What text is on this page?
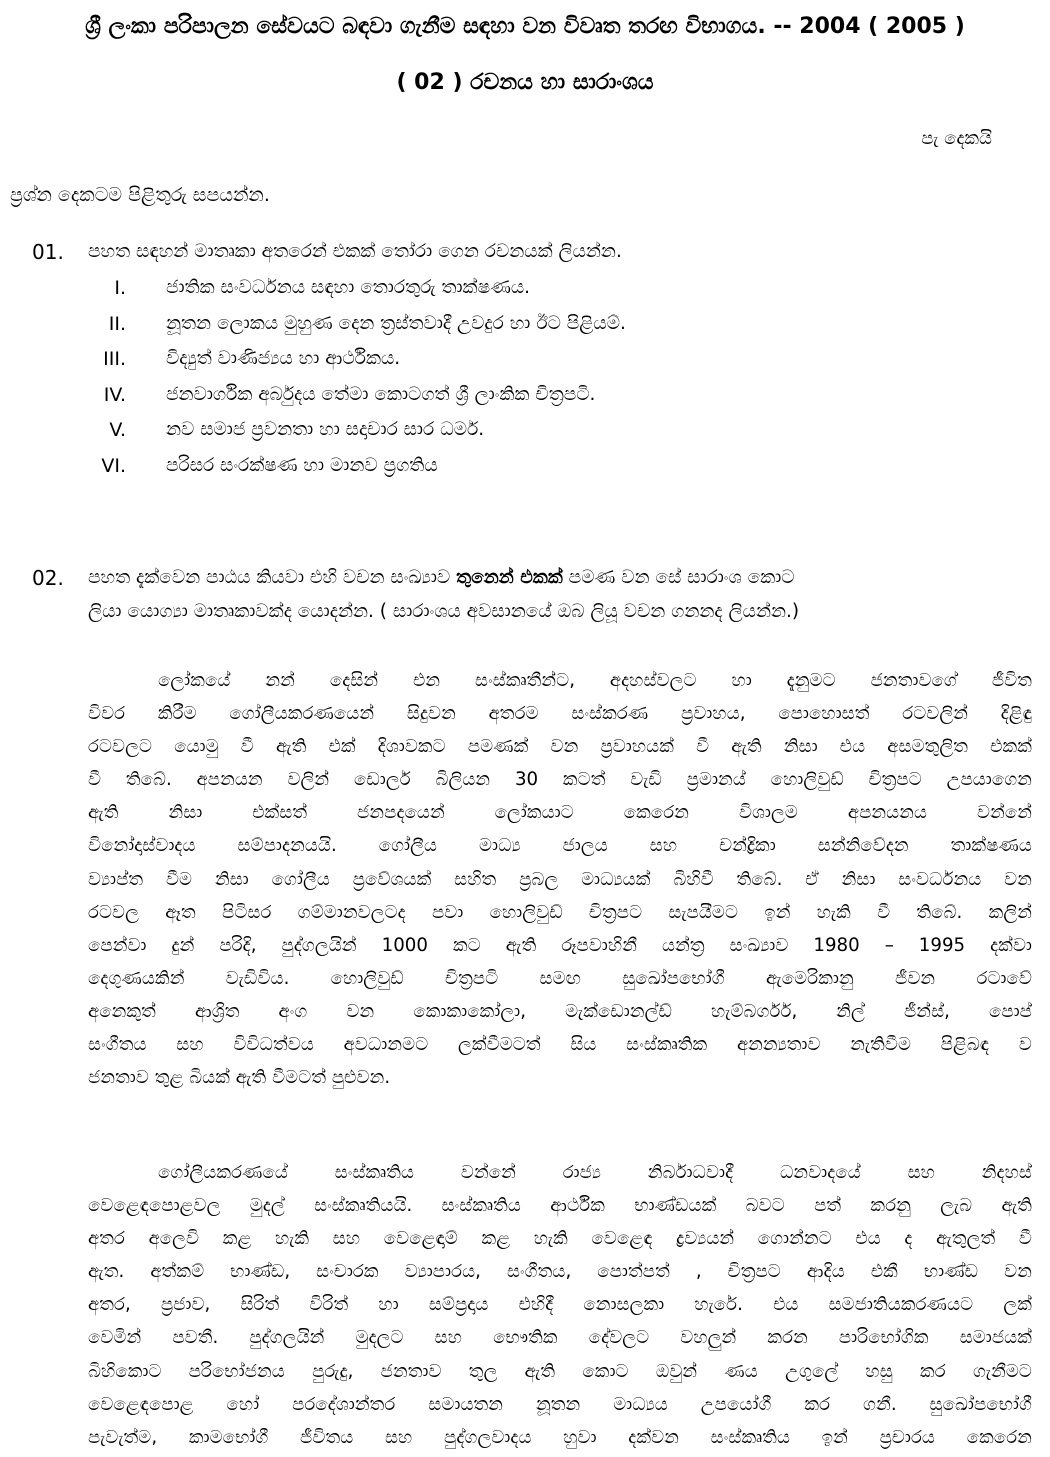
ශ්‍රී ලංකා පරිපාලන සේවයට බඳවා ගැනීම සඳහා වන විවෘත තරඟ විභාගය. -- 2004 ( 2005 )
( 02 ) රචනය හා සාරාංශය
පැ දෙකයි
ප්‍රශ්න දෙකටම පිළිතුරු සපයන්න.
01. පහත සඳහන් මාතෘකා අතරෙන් එකක් තෝරා ගෙන රචනයක් ලියන්න.
I. ජාතික සංවර්ධනය සඳහා තොරතුරු තාක්ෂණය.
II. නූතන ලොකය මුහුණ දෙන ත්‍රස්තවාදී උවදුර හා ඊට පිළියම්.
III. විද්‍යුත් වාණිජ්‍යය හා ආර්ථිකය.
IV. ජනවාර්ගික අර්බුදය තේමා කොටගත් ශ්‍රී ලාංකික චිත්‍රපටි.
V. නව සමාජ ප්‍රවනතා හා සදාචාර සාර ධර්ම.
VI. පරිසර සංරක්ෂණ හා මානව ප්‍රගතිය
02. පහත දැක්වෙන පාඨය කියවා එහි වචන සංඛ්‍යාව තුනෙන් එකක් පමණ වන සේ සාරාංශ කොට
ලියා යොග්‍යා මාතෘකාවක්ද යොදන්න. ( සාරාංශය අවසානයේ ඔබ ලියූ වචන ගනනද ලියන්න.)
ලෝකයේ නන් දෙසින් එන සංස්කෘතීන්ට, අදහස්වලට හා දැනුමට ජනතාවගේ ජීවිත
විවර කිරීම ගෝලීයකරණයෙන් සිදුවන අතරම සංස්කරණ ප්‍රවාහය, පොහොසත් රටවලින් දිළිඳු
රටවලට යොමු වී ඇති එක් දිශාවකට පමණක් වන ප්‍රවාහයක් වී ඇති නිසා එය අසමතුලිත එකක්
වී තිබේ. අපනයන වලින් ඩොලර් බිලියන 30 කටත් වැඩි ප්‍රමානය් හොලිවුඩ් චිත්‍රපට උපයාගෙන
ඇති නිසා එක්සත් ජනපදයෙන් ලෝකයාට කෙරෙන විශාලම අපනයනය වන්නේ
විනෝදාස්වාදය සම්පාදනයයි. ගෝලීය මාධ්‍ය ජාලය සහ චන්ද්‍රිකා සන්නිවේදන තාක්ෂණය
ව්‍යාප්ත වීම නිසා ගෝලීය ප්‍රවේශයක් සහිත ප්‍රබල මාධ්‍යයක් බිහිවී තිබේ. ඒ නිසා සංවර්ධනය වන
රටවල ඈත පිටිසර ගම්මානවලටද පවා හොලිවුඩ් චිත්‍රපට සැපයීමට ඉන් හැකි වී තිබේ. කලින්
පෙන්වා දුන් පරිදි, පුද්ගලයින් 1000 කට ඇති රූපවාහිනී යන්ත්‍ර සංඛ්‍යාව 1980 – 1995 දක්වා
දෙගුණයකින් වැඩිවිය. හොලිවුඩ් චිත්‍රපටි සමඟ සුඛෝපභෝගී ඇමෙරිකානු ජීවන රටාවේ
අනෙකුත් ආශ්‍රිත අංග වන කොකාකෝලා, මැක්ඩොනල්ඩ් හැම්බර්ගර්, නිල් ජීන්ස්, පොප්
සංගීතය සහ විවිධත්වය අවධානමට ලක්වීමටත් සිය සංස්කෘතික අනන්‍යතාව නැතිවීම පිළිබඳ ව
ජනතාව තුළ බියක් ඇති වීමටත් පුළුවන.
ගෝලීයකරණයේ සංස්කෘතිය වන්නේ රාජ්‍ය නිර්බාධවාදී ධනවාදයේ සහ නිදහස්
වෙළෙඳපොළවල මුදල් සංස්කෘතියයි. සංස්කෘතිය ආර්ථික භාණ්ඩයක් බවට පත් කරනු ලැබ ඇති
අතර අලෙවි කළ හැකි සහ වෙළෙඳාම් කළ හැකි වෙළෙඳ ද්‍රව්‍යයන් ගොන්නට එය ද ඇතුලත් වී
ඇත. අත්කම් භාණ්ඩ, සංචාරක ව්‍යාපාරය, සංගීතය, පොත්පත් , චිත්‍රපට ආදිය එකී භාණ්ඩ වන
අතර, ප්‍රජාව, සිරිත් විරිත් හා සම්ප්‍රදාය එහිදී නොසලකා හැරේ. එය සමජාතියකරණයට ලක්
වෙමින් පවතී. පුද්ගලයින් මුදලට සහ භෞතික දේවලට වහලුන් කරන පාරිභෝගික සමාජයක්
බිහිකොට පරිභෝජනය පුරුදු, ජනතාව තුල ඇති කොට ඔවුන් ණය උගුලේ හසු කර ගැනීමට
වෙළෙඳපොළ හෝ පරදේශාන්තර සමායතන නූතන මාධ්‍යය උපයෝගී කර ගනී. සුඛෝපභෝගී
පැවැත්ම, කාමභෝගී ජීවිතය සහ පුද්ගලවාදය හුවා දක්වන සංස්කෘතිය ඉන් ප්‍රචාරය කෙරෙන
